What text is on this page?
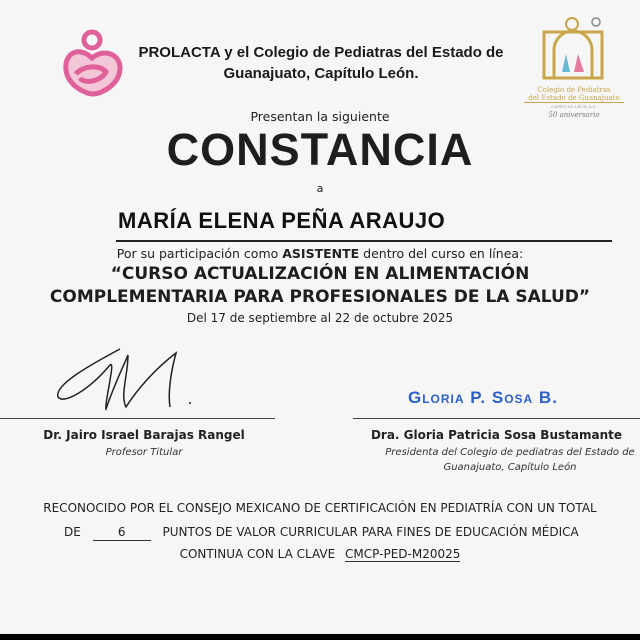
PROLACTA y el Colegio de Pediatras del Estado de
Guanajuato, Capítulo León.
Colegio de Pediatras
del Estado de Guanajuato
CAPÍTULO LEÓN A.C.
50 aniversario
Presentan la siguiente
CONSTANCIA
a
MARÍA ELENA PEÑA ARAUJO
Por su participación como ASISTENTE dentro del curso en línea:
“CURSO ACTUALIZACIÓN EN ALIMENTACIÓN
COMPLEMENTARIA PARA PROFESIONALES DE LA SALUD”
Del 17 de septiembre al 22 de octubre 2025
Gloria P. Sosa B.
Dr. Jairo Israel Barajas Rangel
Profesor Titular
Dra. Gloria Patricia Sosa Bustamante
Presidenta del Colegio de pediatras del Estado de
Guanajuato, Capítulo León
RECONOCIDO POR EL CONSEJO MEXICANO DE CERTIFICACIÓN EN PEDIATRÍA CON UN TOTAL
DE	6	PUNTOS DE VALOR CURRICULAR PARA FINES DE EDUCACIÓN MÉDICA
CONTINUA CON LA CLAVE CMCP-PED-M20025
